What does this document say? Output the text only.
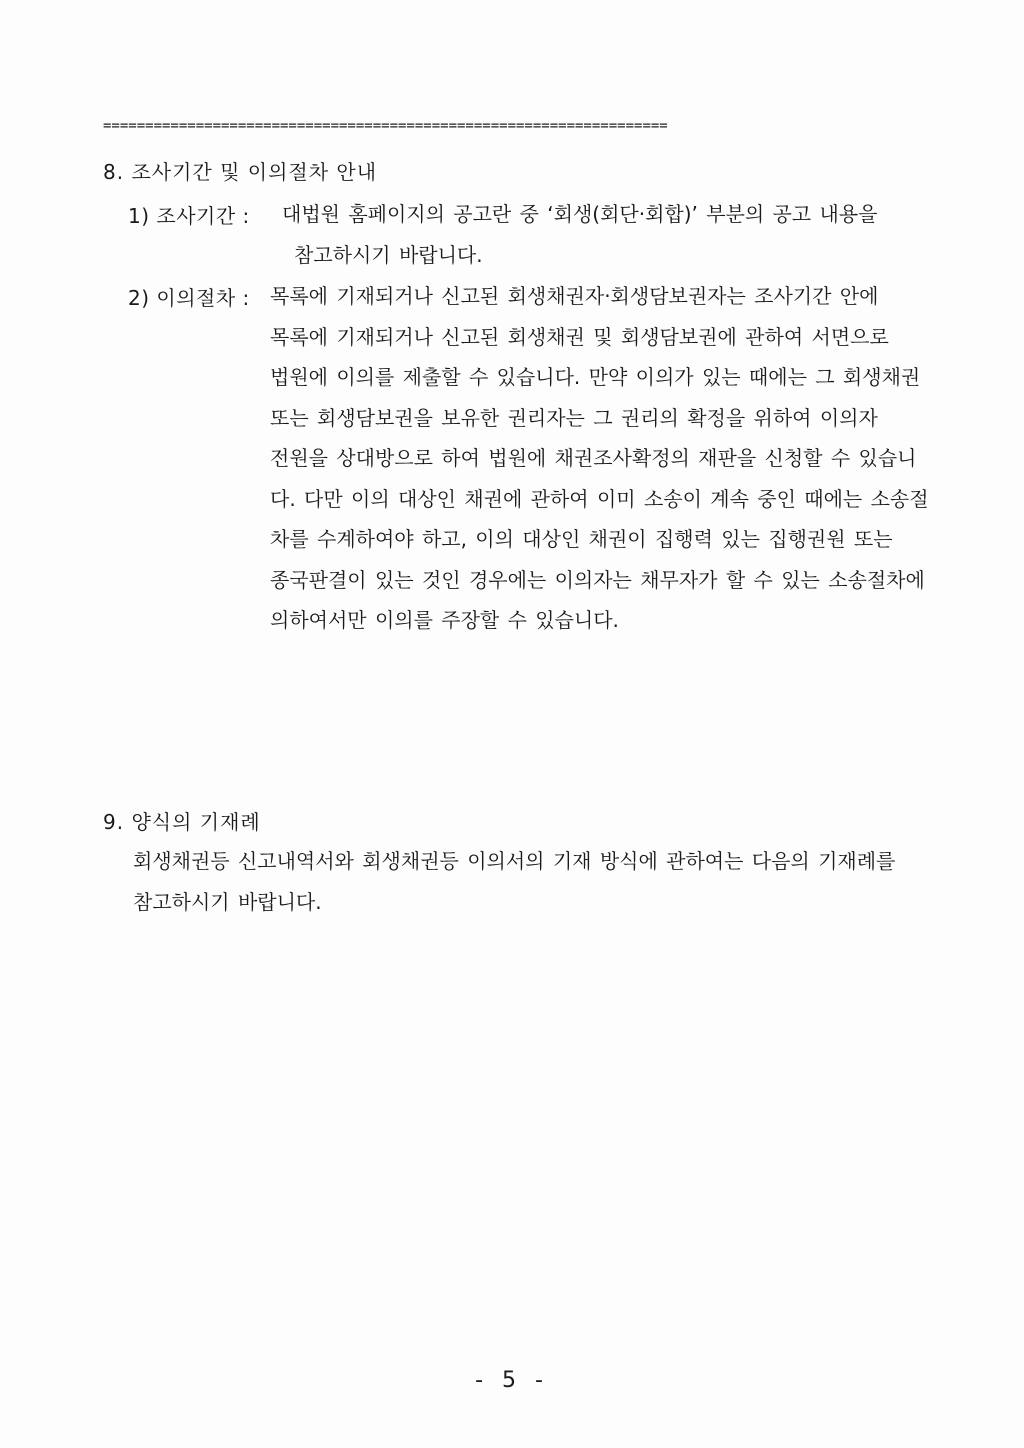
===================================================================
8. 조사기간 및 이의절차 안내
1) 조사기간 :	대법원 홈페이지의 공고란 중 ‘회생(회단·회합)’ 부분의 공고 내용을
참고하시기 바랍니다.
2) 이의절차 : 목록에 기재되거나 신고된 회생채권자·회생담보권자는 조사기간 안에
목록에 기재되거나 신고된 회생채권 및 회생담보권에 관하여 서면으로
법원에 이의를 제출할 수 있습니다. 만약 이의가 있는 때에는 그 회생채권
또는 회생담보권을 보유한 권리자는 그 권리의 확정을 위하여 이의자
전원을 상대방으로 하여 법원에 채권조사확정의 재판을 신청할 수 있습니
다. 다만 이의 대상인 채권에 관하여 이미 소송이 계속 중인 때에는 소송절
차를 수계하여야 하고, 이의 대상인 채권이 집행력 있는 집행권원 또는
종국판결이 있는 것인 경우에는 이의자는 채무자가 할 수 있는 소송절차에
의하여서만 이의를 주장할 수 있습니다.
9. 양식의 기재례
회생채권등 신고내역서와 회생채권등 이의서의 기재 방식에 관하여는 다음의 기재례를
참고하시기 바랍니다.
- 5 -
